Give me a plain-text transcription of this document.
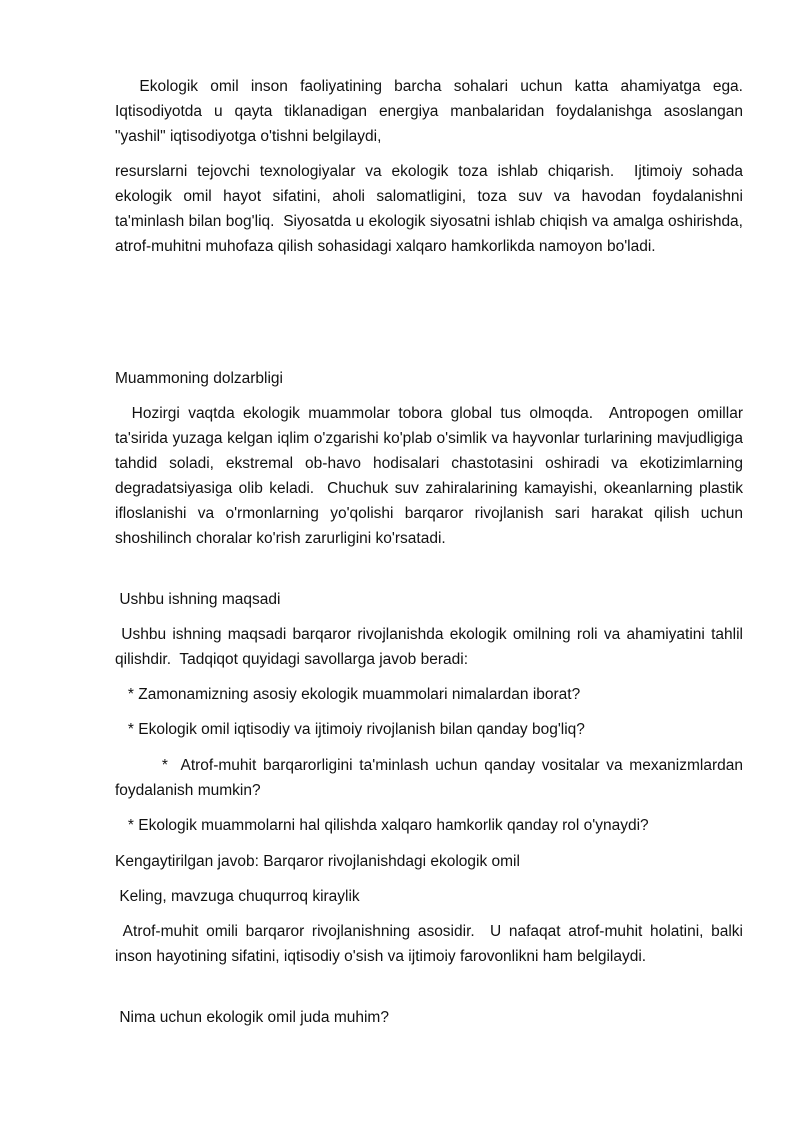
Ekologik omil inson faoliyatining barcha sohalari uchun katta ahamiyatga ega. Iqtisodiyotda u qayta tiklanadigan energiya manbalaridan foydalanishga asoslangan "yashil" iqtisodiyotga o'tishni belgilaydi,

resurslarni tejovchi texnologiyalar va ekologik toza ishlab chiqarish.  Ijtimoiy sohada ekologik omil hayot sifatini, aholi salomatligini, toza suv va havodan foydalanishni ta'minlash bilan bog'liq.  Siyosatda u ekologik siyosatni ishlab chiqish va amalga oshirishda, atrof-muhitni muhofaza qilish sohasidagi xalqaro hamkorlikda namoyon bo'ladi.

Muammoning dolzarbligi

Hozirgi vaqtda ekologik muammolar tobora global tus olmoqda.  Antropogen omillar ta'sirida yuzaga kelgan iqlim o'zgarishi ko'plab o'simlik va hayvonlar turlarining mavjudligiga tahdid soladi, ekstremal ob-havo hodisalari chastotasini oshiradi va ekotizimlarning degradatsiyasiga olib keladi.  Chuchuk suv zahiralarining kamayishi, okeanlarning plastik ifloslanishi va o'rmonlarning yo'qolishi barqaror rivojlanish sari harakat qilish uchun shoshilinch choralar ko'rish zarurligini ko'rsatadi.

Ushbu ishning maqsadi

Ushbu ishning maqsadi barqaror rivojlanishda ekologik omilning roli va ahamiyatini tahlil qilishdir.  Tadqiqot quyidagi savollarga javob beradi:

* Zamonamizning asosiy ekologik muammolari nimalardan iborat?

* Ekologik omil iqtisodiy va ijtimoiy rivojlanish bilan qanday bog'liq?

*  Atrof-muhit barqarorligini ta'minlash uchun qanday vositalar va mexanizmlardan foydalanish mumkin?

* Ekologik muammolarni hal qilishda xalqaro hamkorlik qanday rol o'ynaydi?

Kengaytirilgan javob: Barqaror rivojlanishdagi ekologik omil

Keling, mavzuga chuqurroq kiraylik

Atrof-muhit omili barqaror rivojlanishning asosidir.  U nafaqat atrof-muhit holatini, balki inson hayotining sifatini, iqtisodiy o'sish va ijtimoiy farovonlikni ham belgilaydi.

Nima uchun ekologik omil juda muhim?
